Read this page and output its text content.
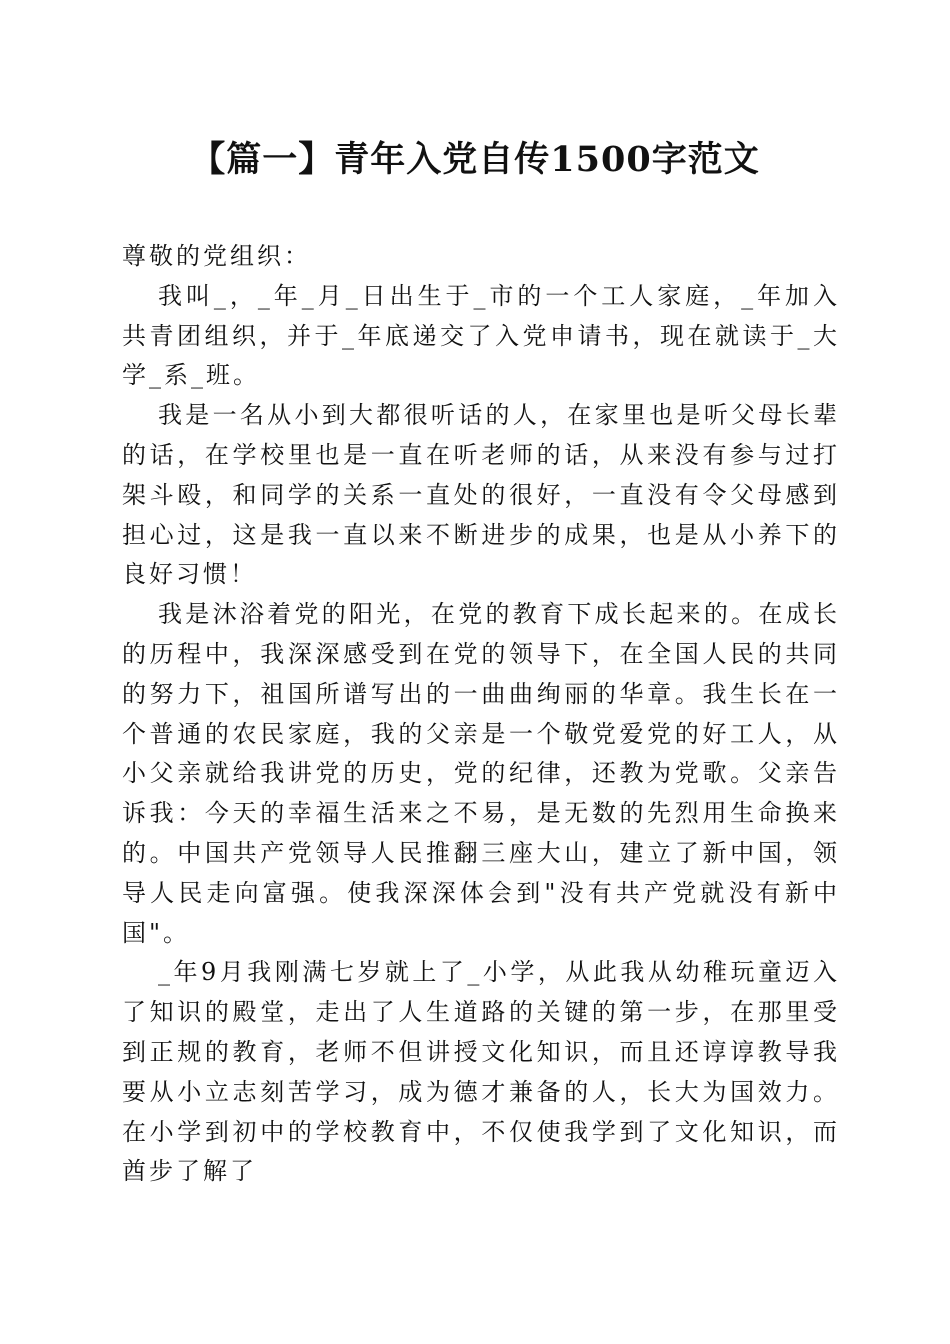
【篇一】青年入党自传1500字范文

尊敬的党组织：

我叫_，_年_月_日出生于_市的一个工人家庭，_年加入共青团组织，并于_年底递交了入党申请书，现在就读于_大学_系_班。

我是一名从小到大都很听话的人，在家里也是听父母长辈的话，在学校里也是一直在听老师的话，从来没有参与过打架斗殴，和同学的关系一直处的很好，一直没有令父母感到担心过，这是我一直以来不断进步的成果，也是从小养下的良好习惯！

我是沐浴着党的阳光，在党的教育下成长起来的。在成长的历程中，我深深感受到在党的领导下，在全国人民的共同的努力下，祖国所谱写出的一曲曲绚丽的华章。我生长在一个普通的农民家庭，我的父亲是一个敬党爱党的好工人，从小父亲就给我讲党的历史，党的纪律，还教为党歌。父亲告诉我：今天的幸福生活来之不易，是无数的先烈用生命换来的。中国共产党领导人民推翻三座大山，建立了新中国，领导人民走向富强。使我深深体会到"没有共产党就没有新中国"。

_年9月我刚满七岁就上了_小学，从此我从幼稚玩童迈入了知识的殿堂，走出了人生道路的关键的第一步，在那里受到正规的教育，老师不但讲授文化知识，而且还谆谆教导我要从小立志刻苦学习，成为德才兼备的人，长大为国效力。在小学到初中的学校教育中，不仅使我学到了文化知识，而酋步了解了
